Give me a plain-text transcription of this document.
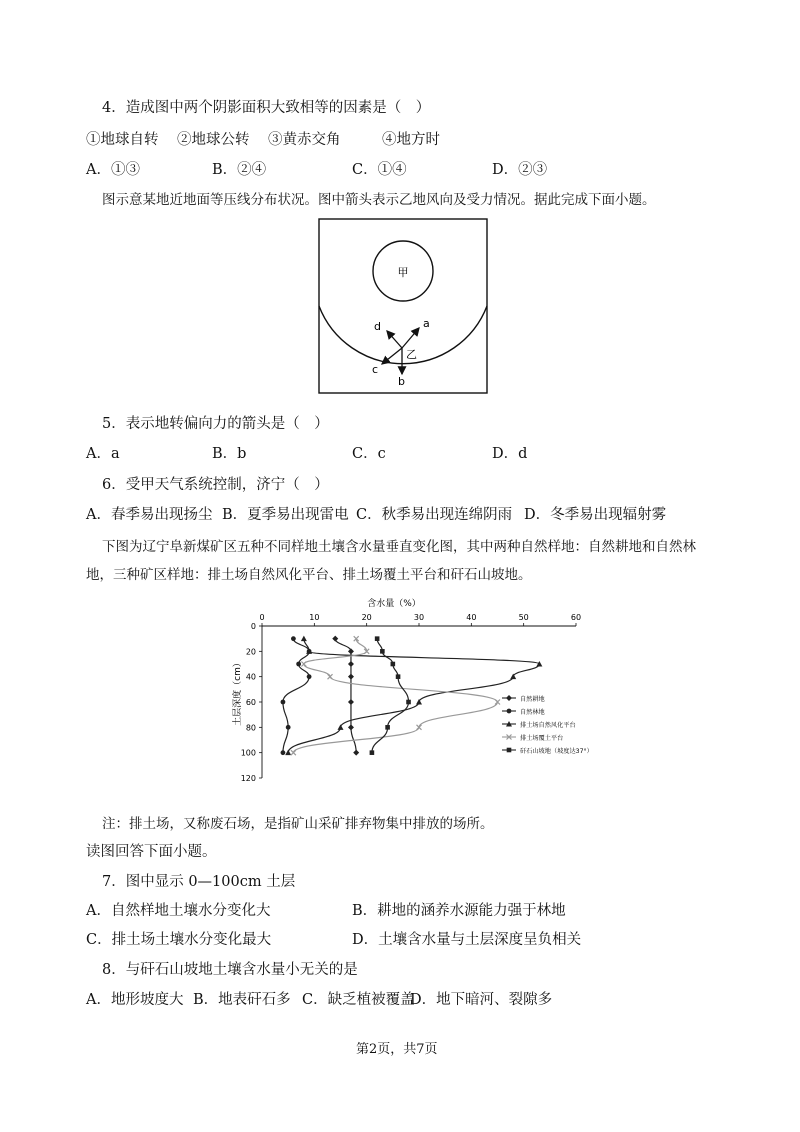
4．造成图中两个阴影面积大致相等的因素是（　）
①地球自转 ②地球公转 ③黄赤交角	④地方时
A．①③	B．②④	C．①④	D．②③
图示意某地近地面等压线分布状况。图中箭头表示乙地风向及受力情况。据此完成下面小题。
甲
a
b
c
d
乙
5．表示地转偏向力的箭头是（　）
A．a	B．b	C．c	D．d
6．受甲天气系统控制，济宁（　）
A．春季易出现扬尘 B．夏季易出现雷电 C．秋季易出现连绵阴雨 D．冬季易出现辐射雾
下图为辽宁阜新煤矿区五种不同样地土壤含水量垂直变化图，其中两种自然样地：自然耕地和自然林
地，三种矿区样地：排土场自然风化平台、排土场覆土平台和矸石山坡地。
含水量（%）
土层深度（cm）
0	10	20	30	40	50	60
0
20
40
60
80
100
120
自然耕地
自然林地
排土场自然风化平台
排土场覆土平台
矸石山坡地（坡度达37°）
注：排土场，又称废石场，是指矿山采矿排弃物集中排放的场所。
读图回答下面小题。
7．图中显示 0—100cm 土层
A．自然样地土壤水分变化大	B．耕地的涵养水源能力强于林地
C．排土场土壤水分变化最大	D．土壤含水量与土层深度呈负相关
8．与矸石山坡地土壤含水量小无关的是
A．地形坡度大 B．地表矸石多 C．缺乏植被覆盖
D．地下暗河、裂隙多
第2页，共7页
